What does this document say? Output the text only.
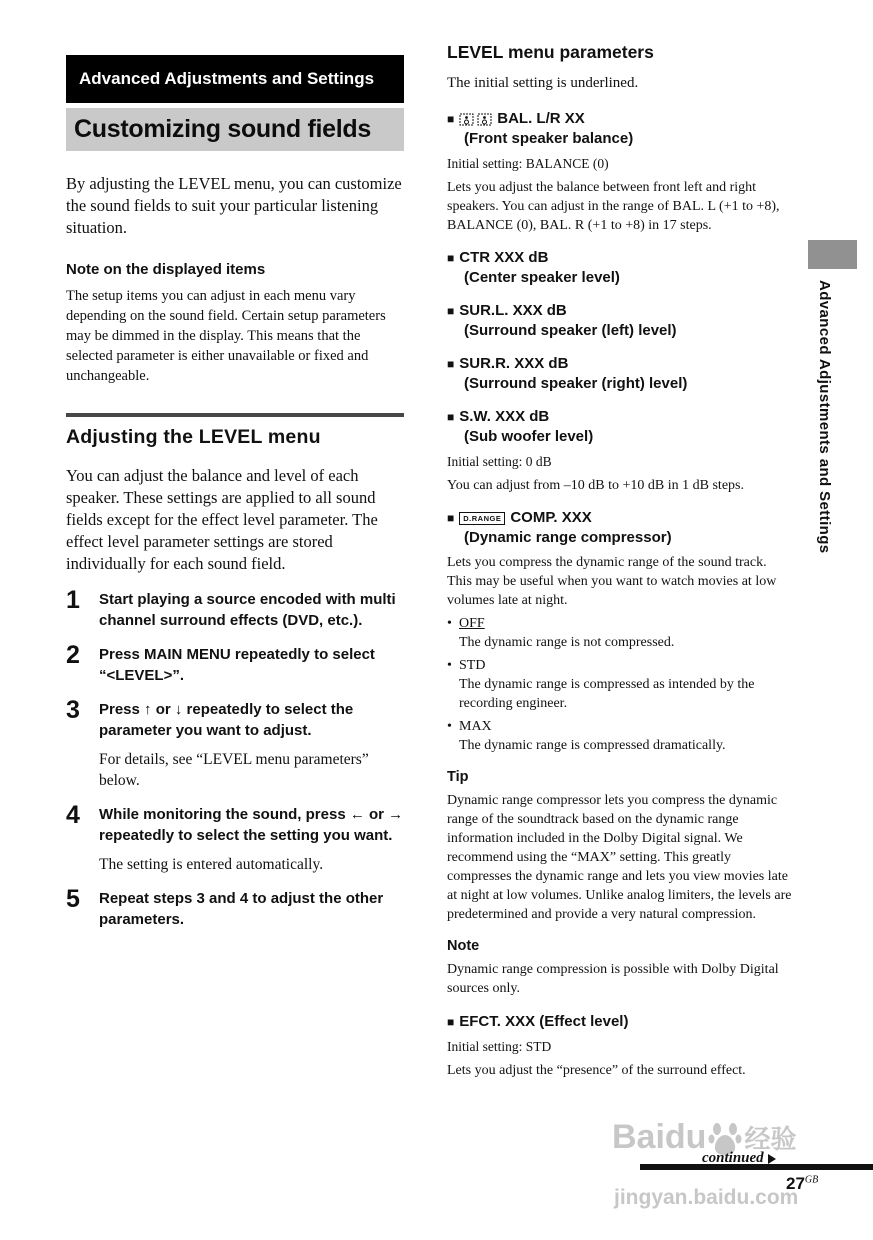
Advanced Adjustments and Settings
Customizing sound fields

By adjusting the LEVEL menu, you can customize the sound fields to suit your particular listening situation.

Note on the displayed items

The setup items you can adjust in each menu vary depending on the sound field. Certain setup parameters may be dimmed in the display. This means that the selected parameter is either unavailable or fixed and unchangeable.

Adjusting the LEVEL menu

You can adjust the balance and level of each speaker. These settings are applied to all sound fields except for the effect level parameter. The effect level parameter settings are stored individually for each sound field.

1	Start playing a source encoded with multi channel surround effects (DVD, etc.).

2	Press MAIN MENU repeatedly to select “<LEVEL>”.

3	Press ↑ or ↓ repeatedly to select the parameter you want to adjust.

For details, see “LEVEL menu parameters” below.

4	While monitoring the sound, press ← or → repeatedly to select the setting you want.

The setting is entered automatically.

5	Repeat steps 3 and 4 to adjust the other parameters.

LEVEL menu parameters

The initial setting is underlined.

■	BAL. L/R XX
(Front speaker balance)

Initial setting: BALANCE (0)

Lets you adjust the balance between front left and right speakers. You can adjust in the range of BAL. L (+1 to +8), BALANCE (0), BAL. R (+1 to +8) in 17 steps.

■ CTR XXX dB
(Center speaker level)
■ SUR.L. XXX dB
(Surround speaker (left) level)
■ SUR.R. XXX dB
(Surround speaker (right) level)
■ S.W. XXX dB
(Sub woofer level)

Initial setting: 0 dB

You can adjust from –10 dB to +10 dB in 1 dB steps.

■	D.RANGE COMP. XXX
(Dynamic range compressor)

Lets you compress the dynamic range of the sound track. This may be useful when you want to watch movies at low volumes late at night.

• OFF
The dynamic range is not compressed.
• STD
The dynamic range is compressed as intended by the recording engineer.
• MAX
The dynamic range is compressed dramatically.
Tip

Dynamic range compressor lets you compress the dynamic range of the soundtrack based on the dynamic range information included in the Dolby Digital signal. We recommend using the “MAX” setting. This greatly compresses the dynamic range and lets you view movies late at night at low volumes. Unlike analog limiters, the levels are predetermined and provide a very natural compression.

Note

Dynamic range compression is possible with Dolby Digital sources only.

■ EFCT. XXX (Effect level)

Initial setting: STD

Lets you adjust the “presence” of the surround effect.

Advanced Adjustments and Settings
Baidu 经验
jingyan.baidu.com
continued
$27^{GB}$
